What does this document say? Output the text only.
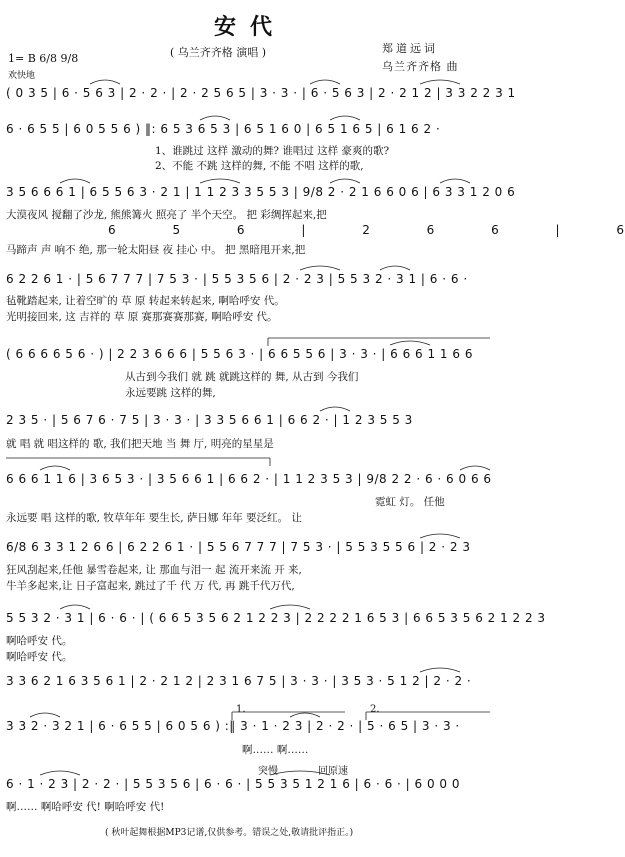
安代
( 乌兰齐齐格 演唱 )	郑道远词
乌兰齐齐格 曲
1= B 6/8 9/8
欢快地
( 0 3 5 | 6 · 5 6 3 | 2 · 2 · | 2 · 2 5 6 5 | 3 · 3 · | 6 · 5 6 3 | 2 · 2 1 2 | 3 3 2 2 3 1
6 · 6 5 5 | 6 0 5 5 6 ) ‖: 6 5 3 6 5 3 | 6 5 1 6 0 | 6 5 1 6 5 | 6 1 6 2 ·
1、谁跳过 这样 激动的舞? 谁唱过 这样 豪爽的歌?
2、不能 不跳 这样的舞, 不能 不唱 这样的歌,
3 5 6 6 6 1 | 6 5 5 6 3 · 2 1 | 1 1 2 3 3 5 5 3 | 9/8 2 · 2 1 6 6 0 6 | 6 3 3 1 2 0 6
大漠夜风 搅翻了沙龙, 熊熊篝火 照亮了 半个天空。 把 彩绸挥起来,把
6 5 6 | 2 6 6 | 6
马蹄声 声 响不 绝, 那一轮太阳昼 夜 挂心 中。 把 黑暗甩开来,把
6 2 2 6 1 · | 5 6 7 7 7 | 7 5 3 · | 5 5 3 5 6 | 2 · 2 3 | 5 5 3 2 · 3 1 | 6 · 6 ·
毡靴踏起来, 让着空旷的 草 原 转起来转起来, 啊哈呼安 代。
光明接回来, 这 吉祥的 草 原 赛那赛赛那赛, 啊哈呼安 代。
( 6 6 6 6 5 6 · ) | 2 2 3 6 6 6 | 5 5 6 3 · | 6 6 5 5 6 | 3 · 3 · | 6 6 6 1 1 6 6
从古到今我们 就 跳 就跳这样的 舞, 从古到 今我们
永远要跳 这样的舞,
2 3 5 · | 5 6 7 6 · 7 5 | 3 · 3 · | 3 3 5 6 6 1 | 6 6 2 · | 1 2 3 5 5 3
就 唱 就 唱这样的 歌, 我们把天地 当 舞 厅, 明亮的星星是
6 6 6 1 1 6 | 3 6 5 3 · | 3 5 6 6 1 | 6 6 2 · | 1 1 2 3 5 3 | 9/8 2 2 · 6 · 6 0 6 6
霓虹 灯。 任他
永远要 唱 这样的歌, 牧草年年 要生长, 萨日娜 年年 要泛红。 让
6/8 6 3 3 1 2 6 6 | 6 2 2 6 1 · | 5 5 6 7 7 7 | 7 5 3 · | 5 5 3 5 5 6 | 2 · 2 3
狂风刮起来,任他 暴雪卷起来, 让 那血与泪一 起 流开来流 开 来,
牛羊多起来,让 日子富起来, 跳过了千 代 万 代, 再 跳千代万代,
5 5 3 2 · 3 1 | 6 · 6 · | ( 6 6 5 3 5 6 2 1 2 2 3 | 2 2 2 2 1 6 5 3 | 6 6 5 3 5 6 2 1 2 2 3
啊哈呼安 代。
啊哈呼安 代。
3 3 6 2 1 6 3 5 6 1 | 2 · 2 1 2 | 2 3 1 6 7 5 | 3 · 3 · | 3 5 3 · 5 1 2 | 2 · 2 ·
1.	2.
3 3 2 · 3 2 1 | 6 · 6 5 5 | 6 0 5 6 ) :‖ 3 · 1 · 2 3 | 2 · 2 · | 5 · 6 5 | 3 · 3 ·
啊…… 啊……
突慢	回原速
6 · 1 · 2 3 | 2 · 2 · | 5 5 3 5 6 | 6 · 6 · | 5 5 3 5 1 2 1 6 | 6 · 6 · | 6 0 0 0
啊…… 啊哈呼安 代! 啊哈呼安 代!
( 秋叶起舞根据MP3记谱,仅供参考。错误之处,敬请批评指正。)
